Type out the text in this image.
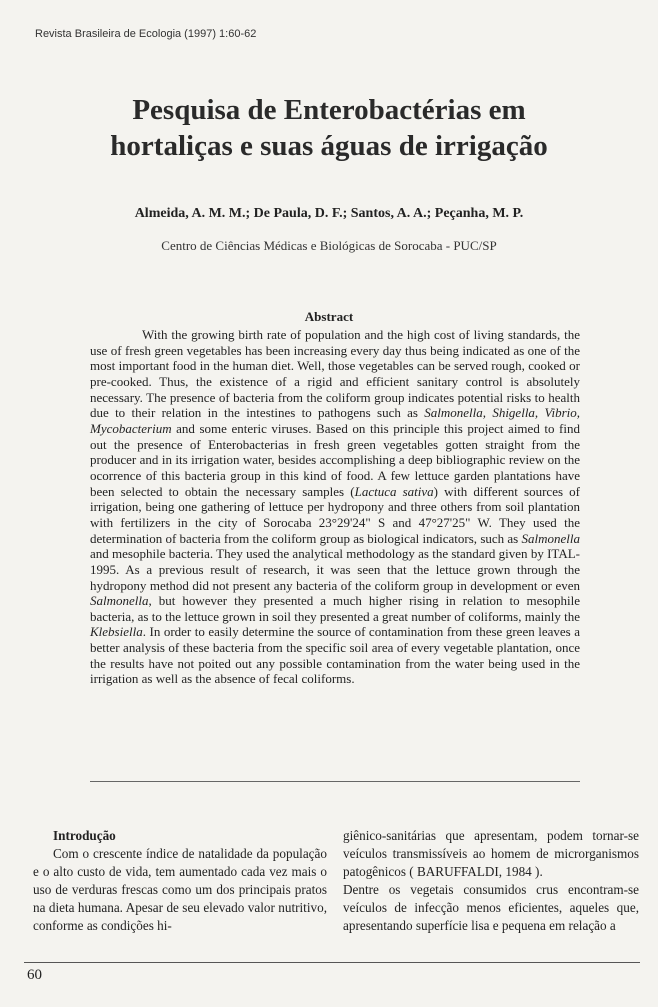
Revista Brasileira de Ecologia (1997) 1:60-62
Pesquisa de Enterobactérias em
hortaliças e suas águas de irrigação
Almeida, A. M. M.; De Paula, D. F.; Santos, A. A.; Peçanha, M. P.
Centro de Ciências Médicas e Biológicas de Sorocaba - PUC/SP
Abstract

With the growing birth rate of population and the high cost of living standards, the use of fresh green vegetables has been increasing every day thus being indicated as one of the most important food in the human diet. Well, those vegetables can be served rough, cooked or pre-cooked. Thus, the existence of a rigid and efficient sanitary control is absolutely necessary. The presence of bacteria from the coliform group indicates potential risks to health due to their relation in the intestines to pathogens such as Salmonella, Shigella, Vibrio, Mycobacterium and some enteric viruses. Based on this principle this project aimed to find out the presence of Enterobacterias in fresh green vegetables gotten straight from the producer and in its irrigation water, besides accomplishing a deep bibliographic review on the ocorrence of this bacteria group in this kind of food. A few lettuce garden plantations have been selected to obtain the necessary samples (Lactuca sativa) with different sources of irrigation, being one gathering of lettuce per hydropony and three others from soil plantation with fertilizers in the city of Sorocaba 23°29'24" S and 47°27'25" W. They used the determination of bacteria from the coliform group as biological indicators, such as Salmonella and mesophile bacteria. They used the analytical methodology as the standard given by ITAL-1995. As a previous result of research, it was seen that the lettuce grown through the hydropony method did not present any bacteria of the coliform group in development or even Salmonella, but however they presented a much higher rising in relation to mesophile bacteria, as to the lettuce grown in soil they presented a great number of coliforms, mainly the Klebsiella. In order to easily determine the source of contamination from these green leaves a better analysis of these bacteria from the specific soil area of every vegetable plantation, once the results have not poited out any possible contamination from the water being used in the irrigation as well as the absence of fecal coliforms.

Introdução

Com o crescente índice de natalidade da população e o alto custo de vida, tem aumentado cada vez mais o uso de verduras frescas como um dos principais pratos na dieta humana. Apesar de seu elevado valor nutritivo, conforme as condições hi-

giênico-sanitárias que apresentam, podem tornar-se veículos transmissíveis ao homem de microrganismos patogênicos ( BARUFFALDI, 1984 ).

Dentre os vegetais consumidos crus encontram-se veículos de infecção menos eficientes, aqueles que, apresentando superfície lisa e pequena em relação a

60
